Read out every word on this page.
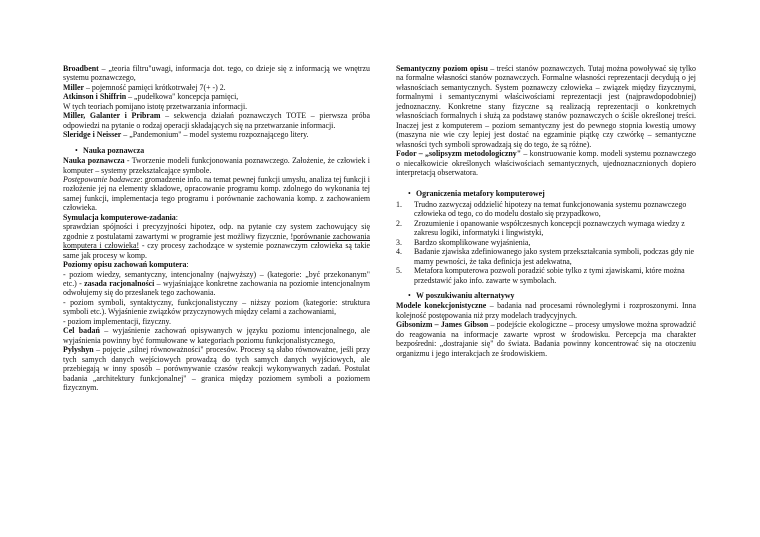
Broadbent – „teoria filtru"uwagi, informacja dot. tego, co dzieje się z informacją we wnętrzu systemu poznawczego,

Miller – pojemność pamięci krótkotrwałej 7(+ -) 2.

Atkinson i Shiffrin – „pudełkowa" koncepcja pamięci,

W tych teoriach pomijano istotę przetwarzania informacji.

Miller, Galanter i Pribram – sekwencja działań poznawczych TOTE – pierwsza próba odpowiedzi na pytanie o rodzaj operacji składających się na przetwarzanie informacji.

Sleridge i Neisser – „Pandemonium" – model systemu rozpoznającego litery.

• Nauka poznawcza

Nauka poznawcza - Tworzenie modeli funkcjonowania poznawczego. Założenie, że człowiek i komputer – systemy przekształcające symbole.

Postępowanie badawcze: gromadzenie info. na temat pewnej funkcji umysłu, analiza tej funkcji i rozłożenie jej na elementy składowe, opracowanie programu komp. zdolnego do wykonania tej samej funkcji, implementacja tego programu i porównanie zachowania komp. z zachowaniem człowieka.

Symulacja komputerowe-zadania:

sprawdzian spójności i precyzyjności hipotez, odp. na pytanie czy system zachowujący się zgodnie z postulatami zawartymi w programie jest możliwy fizycznie, !porównanie zachowania komputera i człowieka! - czy procesy zachodzące w systemie poznawczym człowieka są takie same jak procesy w komp.

Poziomy opisu zachowań komputera:

- poziom wiedzy, semantyczny, intencjonalny (najwyższy) – (kategorie: „być przekonanym" etc.) - zasada racjonalności – wyjaśniające konkretne zachowania na poziomie intencjonalnym odwołujemy się do przesłanek tego zachowania.

- poziom symboli, syntaktyczny, funkcjonalistyczny – niższy poziom (kategorie: struktura symboli etc.). Wyjaśnienie związków przyczynowych między celami a zachowaniami,

- poziom implementacji, fizyczny.

Cel badań – wyjaśnienie zachowań opisywanych w języku poziomu intencjonalnego, ale wyjaśnienia powinny być formułowane w kategoriach poziomu funkcjonalistycznego,

Pylyshyn – pojęcie „silnej równoważności" procesów. Procesy są słabo równoważne, jeśli przy tych samych danych wejściowych prowadzą do tych samych danych wyjściowych, ale przebiegają w inny sposób – porównywanie czasów reakcji wykonywanych zadań. Postulat badania „architektury funkcjonalnej" – granica między poziomem symboli a poziomem fizycznym.

Semantyczny poziom opisu – treści stanów poznawczych. Tutaj można powoływać się tylko na formalne własności stanów poznawczych. Formalne własności reprezentacji decydują o jej własnościach semantycznych. System poznawczy człowieka – związek między fizycznymi, formalnymi i semantycznymi właściwościami reprezentacji jest (najprawdopodobniej) jednoznaczny. Konkretne stany fizyczne są realizacją reprezentacji o konkretnych własnościach formalnych i służą za podstawę stanów poznawczych o ściśle określonej treści. Inaczej jest z komputerem – poziom semantyczny jest do pewnego stopnia kwestią umowy (maszyna nie wie czy lepiej jest dostać na egzaminie piątkę czy czwórkę – semantyczne własności tych symboli sprowadzają się do tego, że są różne).

Fodor – „solipsyzm metodologiczny" – konstruowanie komp. modeli systemu poznawczego o niecałkowicie określonych właściwościach semantycznych, ujednoznacznionych dopiero interpretacją obserwatora.

• Ograniczenia metafory komputerowej

1. Trudno zazwyczaj oddzielić hipotezy na temat funkcjonowania systemu poznawczego człowieka od tego, co do modelu dostało się przypadkowo,
2. Zrozumienie i opanowanie współczesnych koncepcji poznawczych wymaga wiedzy z zakresu logiki, informatyki i lingwistyki,
3. Bardzo skomplikowane wyjaśnienia,
4. Badanie zjawiska zdefiniowanego jako system przekształcania symboli, podczas gdy nie mamy pewności, że taka definicja jest adekwatna,
5. Metafora komputerowa pozwoli poradzić sobie tylko z tymi zjawiskami, które można przedstawić jako info. zawarte w symbolach.

• W poszukiwaniu alternatywy

Modele konekcjonistyczne – badania nad procesami równoległymi i rozproszonymi. Inna kolejność postępowania niż przy modelach tradycyjnych.

Gibsonizm – James Gibson – podejście ekologiczne – procesy umysłowe można sprowadzić do reagowania na informacje zawarte wprost w środowisku. Percepcja ma charakter bezpośredni: „dostrajanie się" do świata. Badania powinny koncentrować się na otoczeniu organizmu i jego interakcjach ze środowiskiem.
